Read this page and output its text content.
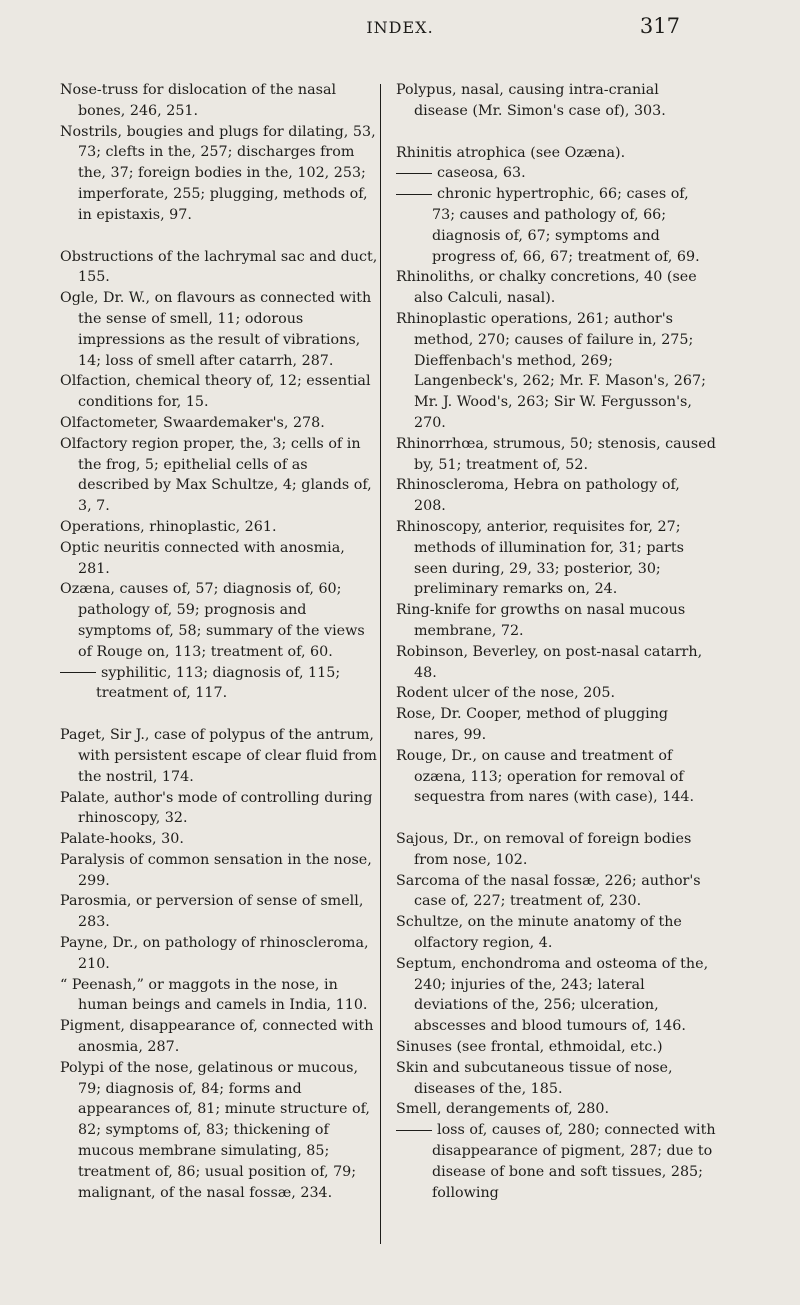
INDEX.	317

Nose-truss for dislocation of the nasal bones, 246, 251.

Nostrils, bougies and plugs for dilating, 53, 73; clefts in the, 257; discharges from the, 37; foreign bodies in the, 102, 253; imperforate, 255; plugging, methods of, in epistaxis, 97.

Obstructions of the lachrymal sac and duct, 155.

Ogle, Dr. W., on flavours as connected with the sense of smell, 11; odorous impressions as the result of vibrations, 14; loss of smell after catarrh, 287.

Olfaction, chemical theory of, 12; essential conditions for, 15.

Olfactometer, Swaardemaker's, 278.

Olfactory region proper, the, 3; cells of in the frog, 5; epithelial cells of as described by Max Schultze, 4; glands of, 3, 7.

Operations, rhinoplastic, 261.

Optic neuritis connected with anosmia, 281.

Ozæna, causes of, 57; diagnosis of, 60; pathology of, 59; prognosis and symptoms of, 58; summary of the views of Rouge on, 113; treatment of, 60.

syphilitic, 113; diagnosis of, 115; treatment of, 117.

Paget, Sir J., case of polypus of the antrum, with persistent escape of clear fluid from the nostril, 174.

Palate, author's mode of controlling during rhinoscopy, 32.

Palate-hooks, 30.

Paralysis of common sensation in the nose, 299.

Parosmia, or perversion of sense of smell, 283.

Payne, Dr., on pathology of rhinoscleroma, 210.

“ Peenash,” or maggots in the nose, in human beings and camels in India, 110.

Pigment, disappearance of, connected with anosmia, 287.

Polypi of the nose, gelatinous or mucous, 79; diagnosis of, 84; forms and appearances of, 81; minute structure of, 82; symptoms of, 83; thickening of mucous membrane simulating, 85; treatment of, 86; usual position of, 79; malignant, of the nasal fossæ, 234.

Polypus, nasal, causing intra-cranial disease (Mr. Simon's case of), 303.

Rhinitis atrophica (see Ozæna).

caseosa, 63.

chronic hypertrophic, 66; cases of, 73; causes and pathology of, 66; diagnosis of, 67; symptoms and progress of, 66, 67; treatment of, 69.

Rhinoliths, or chalky concretions, 40 (see also Calculi, nasal).

Rhinoplastic operations, 261; author's method, 270; causes of failure in, 275; Dieffenbach's method, 269; Langenbeck's, 262; Mr. F. Mason's, 267; Mr. J. Wood's, 263; Sir W. Fergusson's, 270.

Rhinorrhœa, strumous, 50; stenosis, caused by, 51; treatment of, 52.

Rhinoscleroma, Hebra on pathology of, 208.

Rhinoscopy, anterior, requisites for, 27; methods of illumination for, 31; parts seen during, 29, 33; posterior, 30; preliminary remarks on, 24.

Ring-knife for growths on nasal mucous membrane, 72.

Robinson, Beverley, on post-nasal catarrh, 48.

Rodent ulcer of the nose, 205.

Rose, Dr. Cooper, method of plugging nares, 99.

Rouge, Dr., on cause and treatment of ozæna, 113; operation for removal of sequestra from nares (with case), 144.

Sajous, Dr., on removal of foreign bodies from nose, 102.

Sarcoma of the nasal fossæ, 226; author's case of, 227; treatment of, 230.

Schultze, on the minute anatomy of the olfactory region, 4.

Septum, enchondroma and osteoma of the, 240; injuries of the, 243; lateral deviations of the, 256; ulceration, abscesses and blood tumours of, 146.

Sinuses (see frontal, ethmoidal, etc.)

Skin and subcutaneous tissue of nose, diseases of the, 185.

Smell, derangements of, 280.

loss of, causes of, 280; connected with disappearance of pigment, 287; due to disease of bone and soft tissues, 285; following
